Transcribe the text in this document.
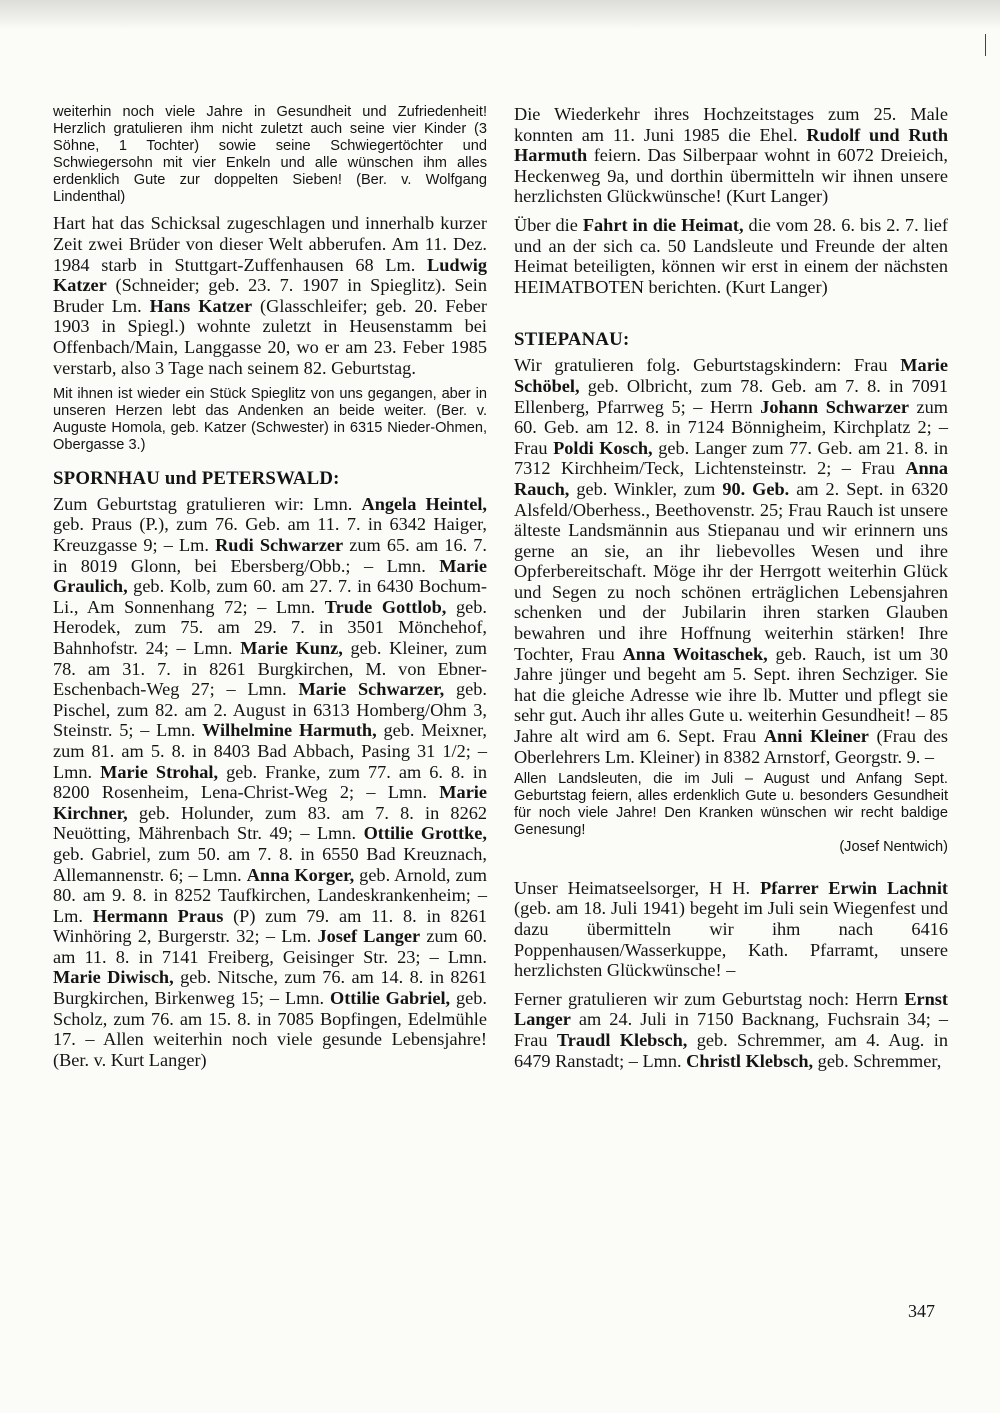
weiterhin noch viele Jahre in Gesundheit und Zufriedenheit! Herzlich gratulieren ihm nicht zuletzt auch seine vier Kinder (3 Söhne, 1 Tochter) sowie seine Schwiegertöchter und Schwiegersohn mit vier Enkeln und alle wünschen ihm alles erdenklich Gute zur doppelten Sieben! (Ber. v. Wolfgang Lindenthal)

Hart hat das Schicksal zugeschlagen und innerhalb kurzer Zeit zwei Brüder von dieser Welt abberufen. Am 11. Dez. 1984 starb in Stuttgart-Zuffenhausen 68 Lm. Ludwig Katzer (Schneider; geb. 23. 7. 1907 in Spieglitz). Sein Bruder Lm. Hans Katzer (Glasschleifer; geb. 20. Feber 1903 in Spiegl.) wohnte zuletzt in Heusenstamm bei Offenbach/Main, Langgasse 20, wo er am 23. Feber 1985 verstarb, also 3 Tage nach seinem 82. Geburtstag.

Mit ihnen ist wieder ein Stück Spieglitz von uns gegangen, aber in unseren Herzen lebt das Andenken an beide weiter. (Ber. v. Auguste Homola, geb. Katzer (Schwester) in 6315 Nieder-Ohmen, Obergasse 3.)

SPORNHAU und PETERSWALD:

Zum Geburtstag gratulieren wir: Lmn. Angela Heintel, geb. Praus (P.), zum 76. Geb. am 11. 7. in 6342 Haiger, Kreuzgasse 9; – Lm. Rudi Schwarzer zum 65. am 16. 7. in 8019 Glonn, bei Ebersberg/Obb.; – Lmn. Marie Graulich, geb. Kolb, zum 60. am 27. 7. in 6430 Bochum-Li., Am Sonnenhang 72; – Lmn. Trude Gottlob, geb. Herodek, zum 75. am 29. 7. in 3501 Mönchehof, Bahnhofstr. 24; – Lmn. Marie Kunz, geb. Kleiner, zum 78. am 31. 7. in 8261 Burgkirchen, M. von Ebner-Eschenbach-Weg 27; – Lmn. Marie Schwarzer, geb. Pischel, zum 82. am 2. August in 6313 Homberg/Ohm 3, Steinstr. 5; – Lmn. Wilhelmine Harmuth, geb. Meixner, zum 81. am 5. 8. in 8403 Bad Abbach, Pasing 31 1/2; – Lmn. Marie Strohal, geb. Franke, zum 77. am 6. 8. in 8200 Rosenheim, Lena-Christ-Weg 2; – Lmn. Marie Kirchner, geb. Holunder, zum 83. am 7. 8. in 8262 Neuötting, Mährenbach Str. 49; – Lmn. Ottilie Grottke, geb. Gabriel, zum 50. am 7. 8. in 6550 Bad Kreuznach, Allemannenstr. 6; – Lmn. Anna Korger, geb. Arnold, zum 80. am 9. 8. in 8252 Taufkirchen, Landeskrankenheim; – Lm. Hermann Praus (P) zum 79. am 11. 8. in 8261 Winhöring 2, Burgerstr. 32; – Lm. Josef Langer zum 60. am 11. 8. in 7141 Freiberg, Geisinger Str. 23; – Lmn. Marie Diwisch, geb. Nitsche, zum 76. am 14. 8. in 8261 Burgkirchen, Birkenweg 15; – Lmn. Ottilie Gabriel, geb. Scholz, zum 76. am 15. 8. in 7085 Bopfingen, Edelmühle 17. – Allen weiterhin noch viele gesunde Lebensjahre! (Ber. v. Kurt Langer)

Die Wiederkehr ihres Hochzeitstages zum 25. Male konnten am 11. Juni 1985 die Ehel. Rudolf und Ruth Harmuth feiern. Das Silberpaar wohnt in 6072 Dreieich, Heckenweg 9a, und dorthin übermitteln wir ihnen unsere herzlichsten Glückwünsche! (Kurt Langer)

Über die Fahrt in die Heimat, die vom 28. 6. bis 2. 7. lief und an der sich ca. 50 Landsleute und Freunde der alten Heimat beteiligten, können wir erst in einem der nächsten HEIMATBOTEN berichten. (Kurt Langer)

STIEPANAU:

Wir gratulieren folg. Geburtstagskindern: Frau Marie Schöbel, geb. Olbricht, zum 78. Geb. am 7. 8. in 7091 Ellenberg, Pfarrweg 5; – Herrn Johann Schwarzer zum 60. Geb. am 12. 8. in 7124 Bönnigheim, Kirchplatz 2; – Frau Poldi Kosch, geb. Langer zum 77. Geb. am 21. 8. in 7312 Kirchheim/Teck, Lichtensteinstr. 2; – Frau Anna Rauch, geb. Winkler, zum 90. Geb. am 2. Sept. in 6320 Alsfeld/Oberhess., Beethovenstr. 25; Frau Rauch ist unsere älteste Landsmännin aus Stiepanau und wir erinnern uns gerne an sie, an ihr liebevolles Wesen und ihre Opferbereitschaft. Möge ihr der Herrgott weiterhin Glück und Segen zu noch schönen erträglichen Lebensjahren schenken und der Jubilarin ihren starken Glauben bewahren und ihre Hoffnung weiterhin stärken! Ihre Tochter, Frau Anna Woitaschek, geb. Rauch, ist um 30 Jahre jünger und begeht am 5. Sept. ihren Sechziger. Sie hat die gleiche Adresse wie ihre lb. Mutter und pflegt sie sehr gut. Auch ihr alles Gute u. weiterhin Gesundheit! – 85 Jahre alt wird am 6. Sept. Frau Anni Kleiner (Frau des Oberlehrers Lm. Kleiner) in 8382 Arnstorf, Georgstr. 9. –

Allen Landsleuten, die im Juli – August und Anfang Sept. Geburtstag feiern, alles erdenklich Gute u. besonders Gesundheit für noch viele Jahre! Den Kranken wünschen wir recht baldige Genesung!

(Josef Nentwich)

Unser Heimatseelsorger, H H. Pfarrer Erwin Lachnit (geb. am 18. Juli 1941) begeht im Juli sein Wiegenfest und dazu übermitteln wir ihm nach 6416 Poppenhausen/Wasserkuppe, Kath. Pfarramt, unsere herzlichsten Glückwünsche! –

Ferner gratulieren wir zum Geburtstag noch: Herrn Ernst Langer am 24. Juli in 7150 Backnang, Fuchsrain 34; – Frau Traudl Klebsch, geb. Schremmer, am 4. Aug. in 6479 Ranstadt; – Lmn. Christl Klebsch, geb. Schremmer,

347
